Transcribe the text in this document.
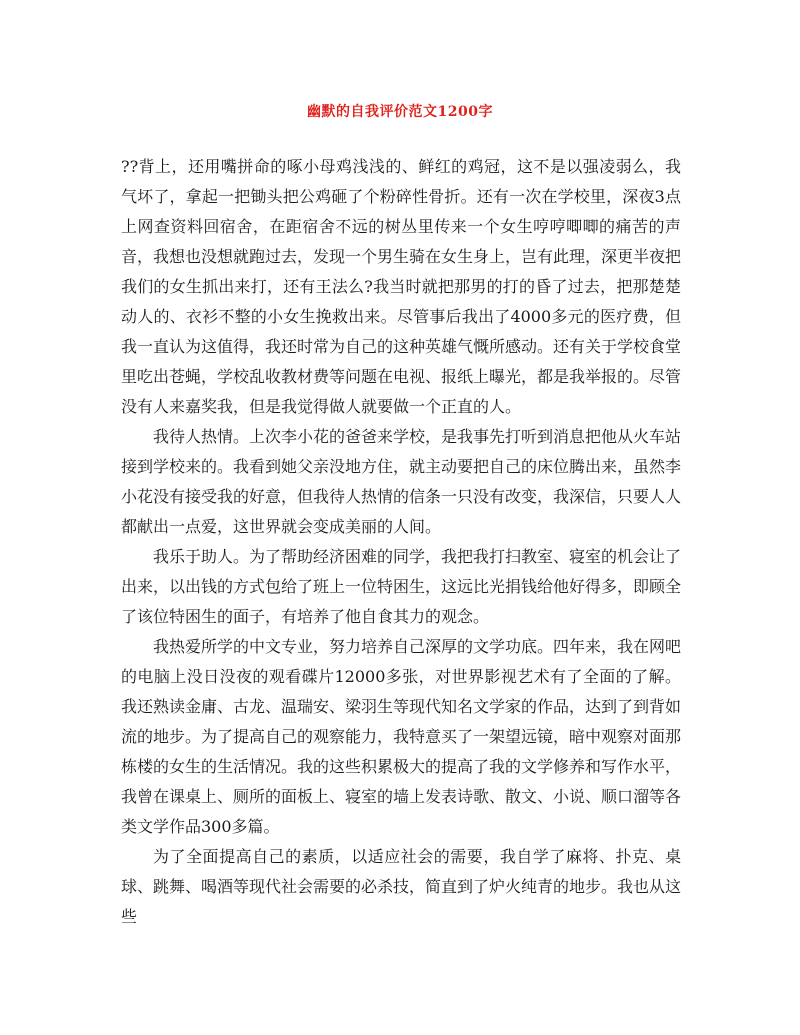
幽默的自我评价范文1200字

??背上，还用嘴拼命的啄小母鸡浅浅的、鲜红的鸡冠，这不是以强凌弱么，我气坏了，拿起一把锄头把公鸡砸了个粉碎性骨折。还有一次在学校里，深夜3点上网查资料回宿舍，在距宿舍不远的树丛里传来一个女生哼哼唧唧的痛苦的声音，我想也没想就跑过去，发现一个男生骑在女生身上，岂有此理，深更半夜把我们的女生抓出来打，还有王法么?我当时就把那男的打的昏了过去，把那楚楚动人的、衣衫不整的小女生挽救出来。尽管事后我出了4000多元的医疗费，但我一直认为这值得，我还时常为自己的这种英雄气慨所感动。还有关于学校食堂里吃出苍蝇，学校乱收教材费等问题在电视、报纸上曝光，都是我举报的。尽管没有人来嘉奖我，但是我觉得做人就要做一个正直的人。

我待人热情。上次李小花的爸爸来学校，是我事先打听到消息把他从火车站接到学校来的。我看到她父亲没地方住，就主动要把自己的床位腾出来，虽然李小花没有接受我的好意，但我待人热情的信条一只没有改变，我深信，只要人人都献出一点爱，这世界就会变成美丽的人间。

我乐于助人。为了帮助经济困难的同学，我把我打扫教室、寝室的机会让了出来，以出钱的方式包给了班上一位特困生，这远比光捐钱给他好得多，即顾全了该位特困生的面子，有培养了他自食其力的观念。

我热爱所学的中文专业，努力培养自己深厚的文学功底。四年来，我在网吧的电脑上没日没夜的观看碟片12000多张，对世界影视艺术有了全面的了解。我还熟读金庸、古龙、温瑞安、梁羽生等现代知名文学家的作品，达到了到背如流的地步。为了提高自己的观察能力，我特意买了一架望远镜，暗中观察对面那栋楼的女生的生活情况。我的这些积累极大的提高了我的文学修养和写作水平，我曾在课桌上、厕所的面板上、寝室的墙上发表诗歌、散文、小说、顺口溜等各类文学作品300多篇。

为了全面提高自己的素质，以适应社会的需要，我自学了麻将、扑克、桌球、跳舞、喝酒等现代社会需要的必杀技，简直到了炉火纯青的地步。我也从这些
